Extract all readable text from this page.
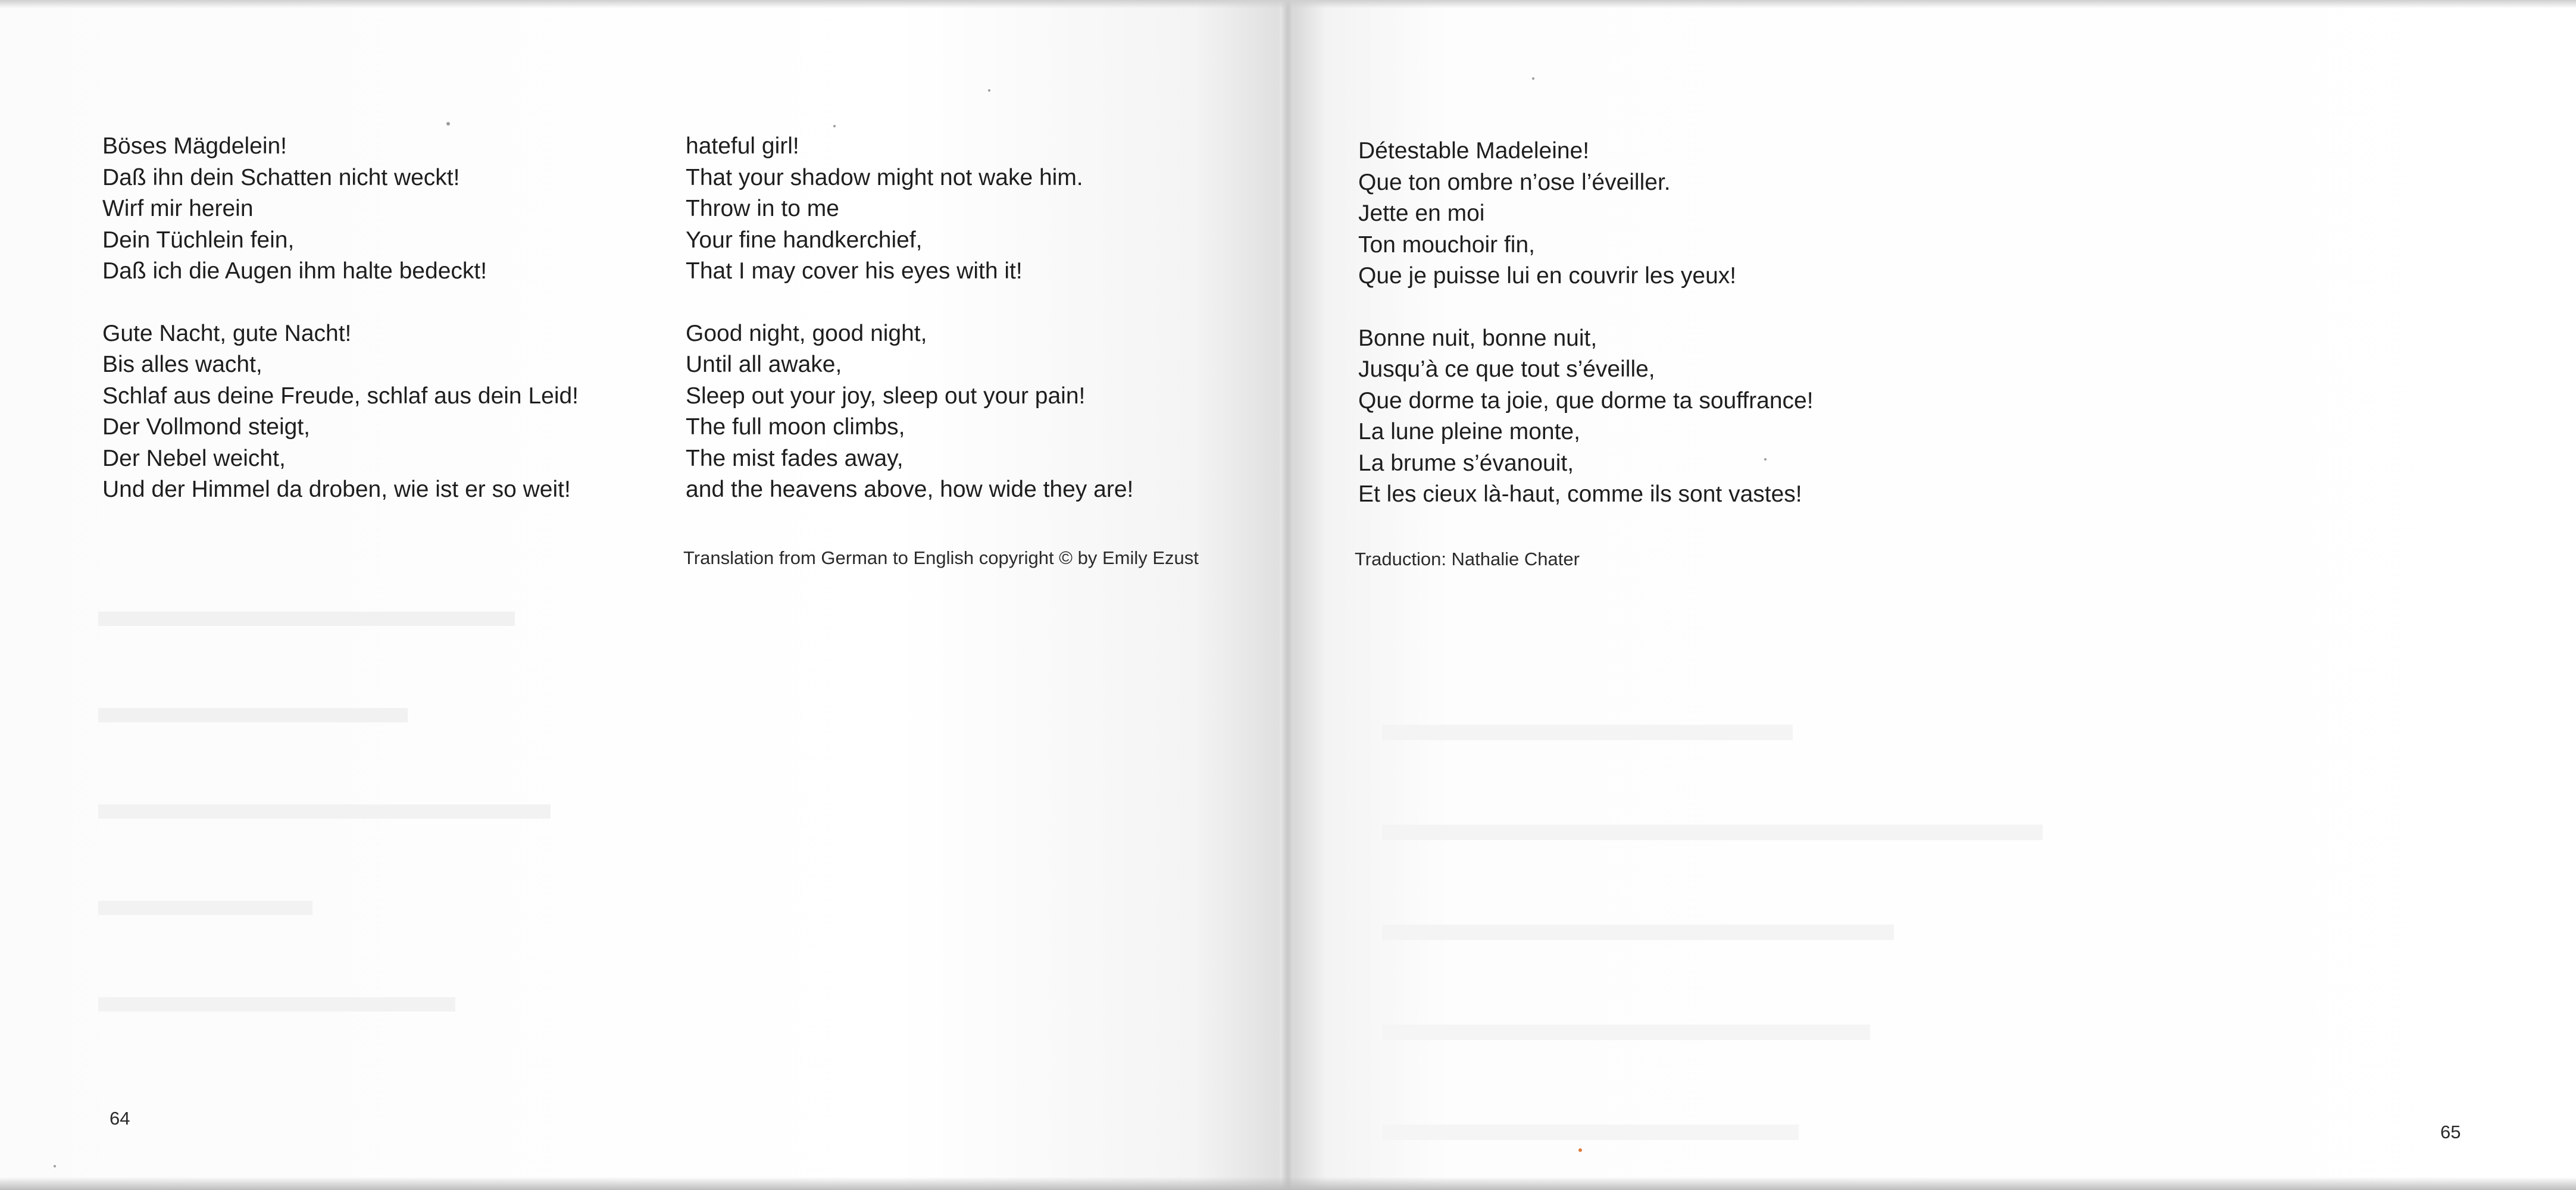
Böses Mägdelein!
Daß ihn dein Schatten nicht weckt!
Wirf mir herein
Dein Tüchlein fein,
Daß ich die Augen ihm halte bedeckt!
Gute Nacht, gute Nacht!
Bis alles wacht,
Schlaf aus deine Freude, schlaf aus dein Leid!
Der Vollmond steigt,
Der Nebel weicht,
Und der Himmel da droben, wie ist er so weit!
hateful girl!
That your shadow might not wake him.
Throw in to me
Your fine handkerchief,
That I may cover his eyes with it!
Good night, good night,
Until all awake,
Sleep out your joy, sleep out your pain!
The full moon climbs,
The mist fades away,
and the heavens above, how wide they are!
Translation from German to English copyright © by Emily Ezust
64

Détestable Madeleine!
Que ton ombre n’ose l’éveiller.
Jette en moi
Ton mouchoir fin,
Que je puisse lui en couvrir les yeux!
Bonne nuit, bonne nuit,
Jusqu’à ce que tout s’éveille,
Que dorme ta joie, que dorme ta souffrance!
La lune pleine monte,
La brume s’évanouit,
Et les cieux là-haut, comme ils sont vastes!
Traduction: Nathalie Chater
65
